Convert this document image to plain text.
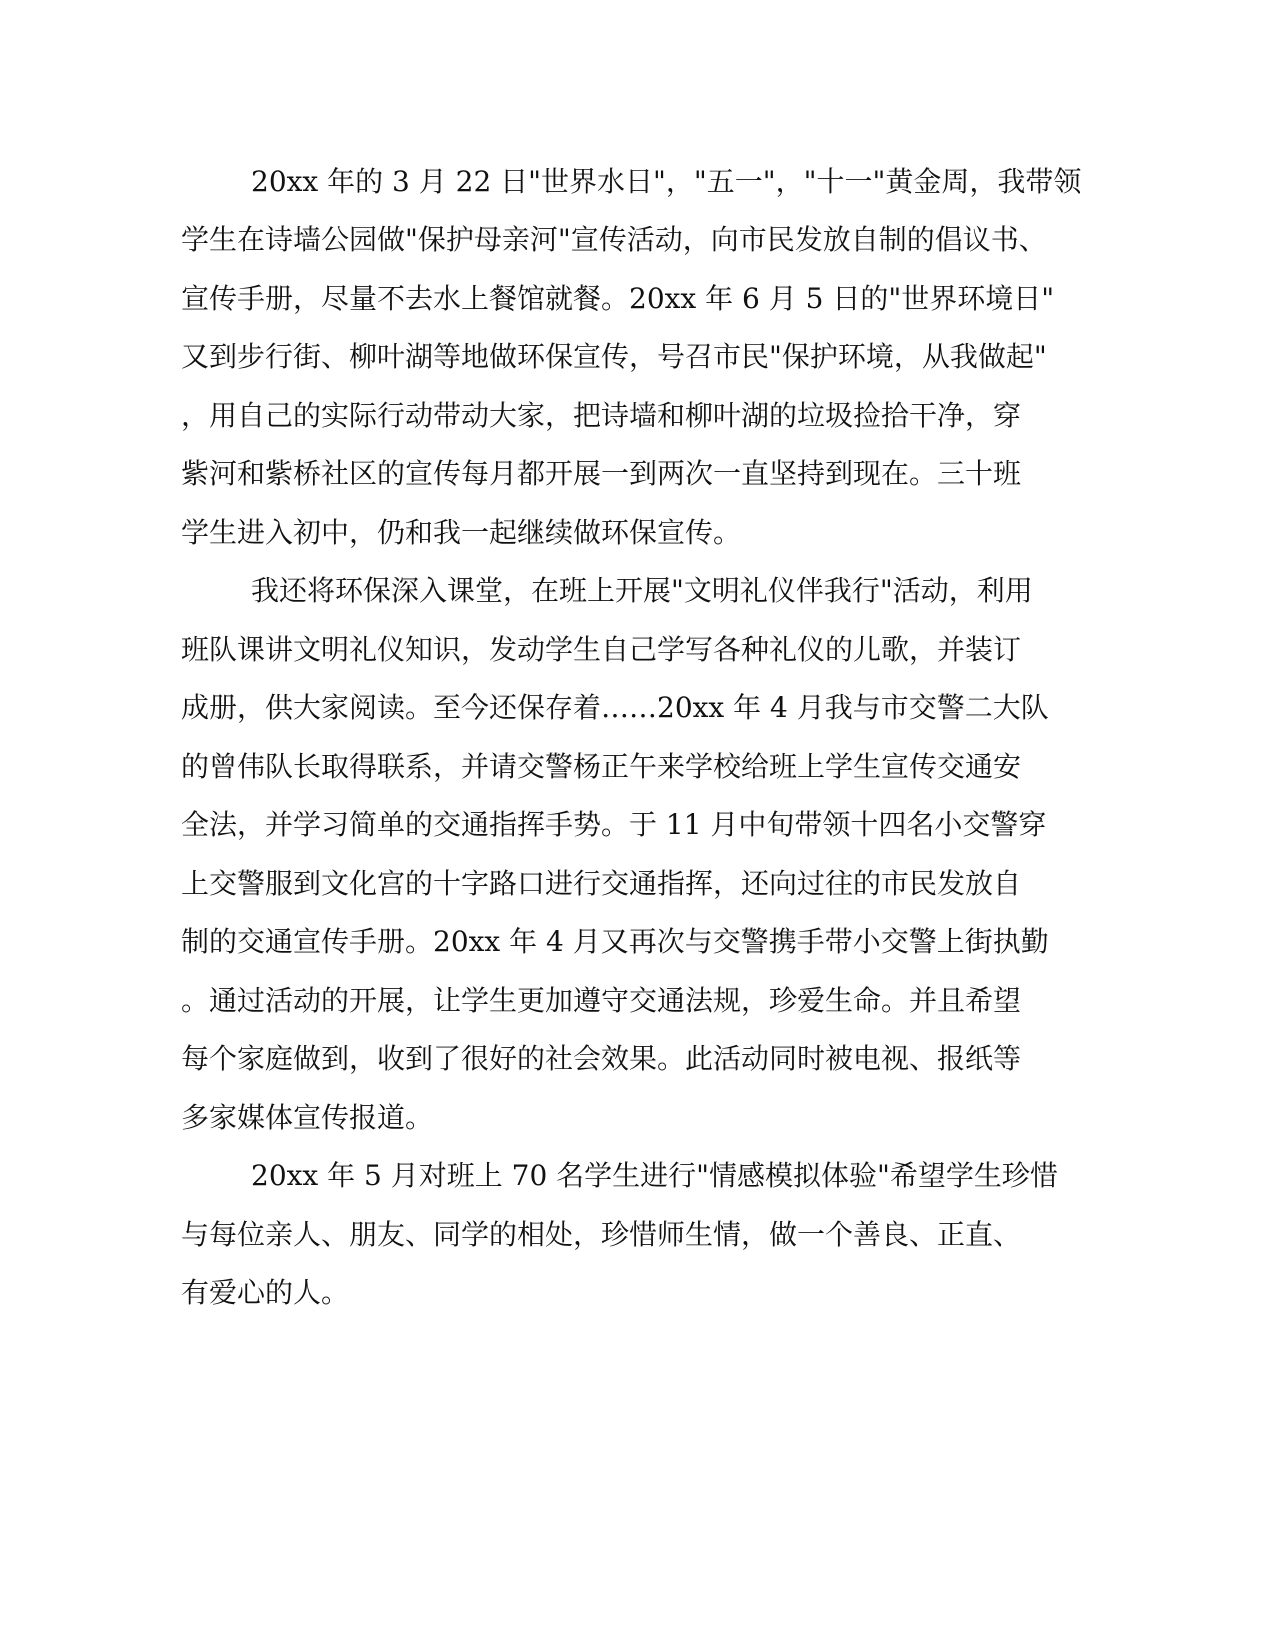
20xx 年的 3 月 22 日"世界水日"，"五一"，"十一"黄金周，我带领
学生在诗墙公园做"保护母亲河"宣传活动，向市民发放自制的倡议书、
宣传手册，尽量不去水上餐馆就餐。20xx 年 6 月 5 日的"世界环境日"
又到步行街、柳叶湖等地做环保宣传，号召市民"保护环境，从我做起"
，用自己的实际行动带动大家，把诗墙和柳叶湖的垃圾捡拾干净，穿
紫河和紫桥社区的宣传每月都开展一到两次一直坚持到现在。三十班
学生进入初中，仍和我一起继续做环保宣传。
我还将环保深入课堂，在班上开展"文明礼仪伴我行"活动，利用
班队课讲文明礼仪知识，发动学生自己学写各种礼仪的儿歌，并装订
成册，供大家阅读。至今还保存着……20xx 年 4 月我与市交警二大队
的曾伟队长取得联系，并请交警杨正午来学校给班上学生宣传交通安
全法，并学习简单的交通指挥手势。于 11 月中旬带领十四名小交警穿
上交警服到文化宫的十字路口进行交通指挥，还向过往的市民发放自
制的交通宣传手册。20xx 年 4 月又再次与交警携手带小交警上街执勤
。通过活动的开展，让学生更加遵守交通法规，珍爱生命。并且希望
每个家庭做到，收到了很好的社会效果。此活动同时被电视、报纸等
多家媒体宣传报道。
20xx 年 5 月对班上 70 名学生进行"情感模拟体验"希望学生珍惜
与每位亲人、朋友、同学的相处，珍惜师生情，做一个善良、正直、
有爱心的人。
